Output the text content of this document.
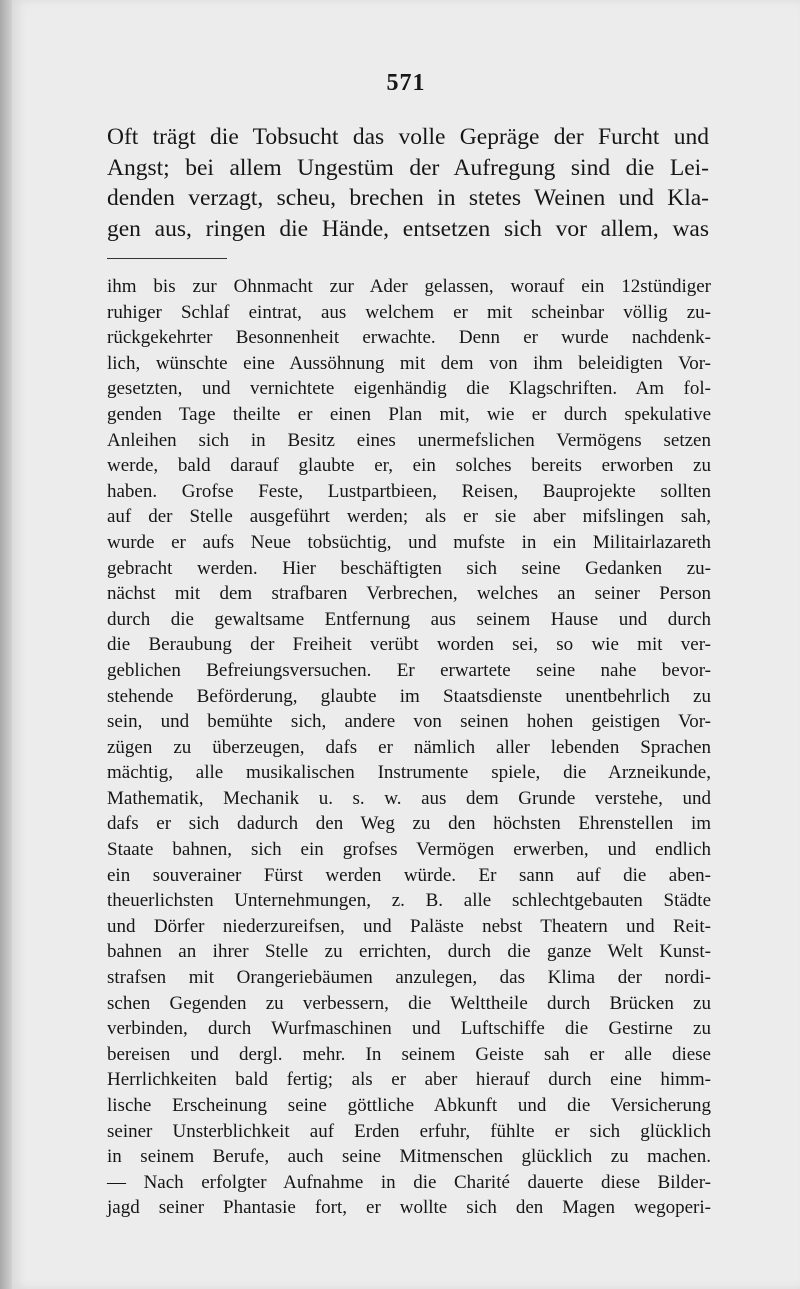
571
Oft trägt die Tobsucht das volle Gepräge der Furcht und
Angst; bei allem Ungestüm der Aufregung sind die Lei-
denden verzagt, scheu, brechen in stetes Weinen und Kla-
gen aus, ringen die Hände, entsetzen sich vor allem, was
ihm bis zur Ohnmacht zur Ader gelassen, worauf ein 12stündiger
ruhiger Schlaf eintrat, aus welchem er mit scheinbar völlig zu-
rückgekehrter Besonnenheit erwachte. Denn er wurde nachdenk-
lich, wünschte eine Aussöhnung mit dem von ihm beleidigten Vor-
gesetzten, und vernichtete eigenhändig die Klagschriften. Am fol-
genden Tage theilte er einen Plan mit, wie er durch spekulative
Anleihen sich in Besitz eines unermefslichen Vermögens setzen
werde, bald darauf glaubte er, ein solches bereits erworben zu
haben. Grofse Feste, Lustpartbieen, Reisen, Bauprojekte sollten
auf der Stelle ausgeführt werden; als er sie aber mifslingen sah,
wurde er aufs Neue tobsüchtig, und mufste in ein Militairlazareth
gebracht werden. Hier beschäftigten sich seine Gedanken zu-
nächst mit dem strafbaren Verbrechen, welches an seiner Person
durch die gewaltsame Entfernung aus seinem Hause und durch
die Beraubung der Freiheit verübt worden sei, so wie mit ver-
geblichen Befreiungsversuchen. Er erwartete seine nahe bevor-
stehende Beförderung, glaubte im Staatsdienste unentbehrlich zu
sein, und bemühte sich, andere von seinen hohen geistigen Vor-
zügen zu überzeugen, dafs er nämlich aller lebenden Sprachen
mächtig, alle musikalischen Instrumente spiele, die Arzneikunde,
Mathematik, Mechanik u. s. w. aus dem Grunde verstehe, und
dafs er sich dadurch den Weg zu den höchsten Ehrenstellen im
Staate bahnen, sich ein grofses Vermögen erwerben, und endlich
ein souverainer Fürst werden würde. Er sann auf die aben-
theuerlichsten Unternehmungen, z. B. alle schlechtgebauten Städte
und Dörfer niederzureifsen, und Paläste nebst Theatern und Reit-
bahnen an ihrer Stelle zu errichten, durch die ganze Welt Kunst-
strafsen mit Orangeriebäumen anzulegen, das Klima der nordi-
schen Gegenden zu verbessern, die Welttheile durch Brücken zu
verbinden, durch Wurfmaschinen und Luftschiffe die Gestirne zu
bereisen und dergl. mehr. In seinem Geiste sah er alle diese
Herrlichkeiten bald fertig; als er aber hierauf durch eine himm-
lische Erscheinung seine göttliche Abkunft und die Versicherung
seiner Unsterblichkeit auf Erden erfuhr, fühlte er sich glücklich
in seinem Berufe, auch seine Mitmenschen glücklich zu machen.
— Nach erfolgter Aufnahme in die Charité dauerte diese Bilder-
jagd seiner Phantasie fort, er wollte sich den Magen wegoperi-
